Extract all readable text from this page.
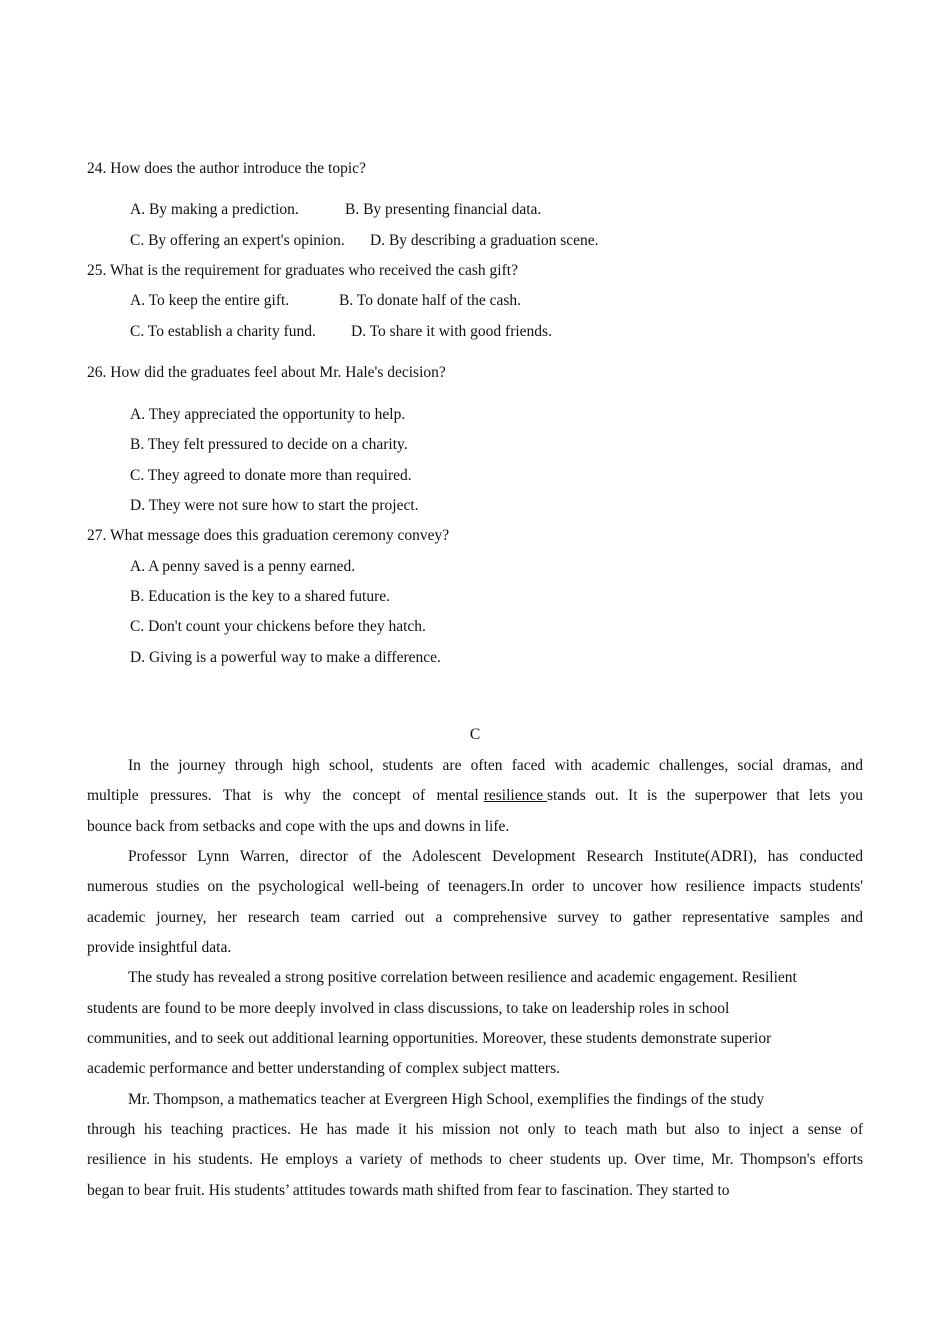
24. How does the author introduce the topic?
A. By making a prediction.	B. By presenting financial data.
C. By offering an expert's opinion. D. By describing a graduation scene.
25. What is the requirement for graduates who received the cash gift?
A. To keep the entire gift.	B. To donate half of the cash.
C. To establish a charity fund. D. To share it with good friends.
26. How did the graduates feel about Mr. Hale's decision?
A. They appreciated the opportunity to help.
B. They felt pressured to decide on a charity.
C. They agreed to donate more than required.
D. They were not sure how to start the project.
27. What message does this graduation ceremony convey?
A. A penny saved is a penny earned.
B. Education is the key to a shared future.
C. Don't count your chickens before they hatch.
D. Giving is a powerful way to make a difference.
C
In the journey through high school, students are often faced with academic challenges, social dramas, and
multiple pressures. That is why the concept of mental resilience stands out. It is the superpower that lets you
bounce back from setbacks and cope with the ups and downs in life.
Professor Lynn Warren, director of the Adolescent Development Research Institute(ADRI), has conducted
numerous studies on the psychological well-being of teenagers.In order to uncover how resilience impacts students'
academic journey, her research team carried out a comprehensive survey to gather representative samples and
provide insightful data.
The study has revealed a strong positive correlation between resilience and academic engagement. Resilient
students are found to be more deeply involved in class discussions, to take on leadership roles in school
communities, and to seek out additional learning opportunities. Moreover, these students demonstrate superior
academic performance and better understanding of complex subject matters.
Mr. Thompson, a mathematics teacher at Evergreen High School, exemplifies the findings of the study
through his teaching practices. He has made it his mission not only to teach math but also to inject a sense of
resilience in his students. He employs a variety of methods to cheer students up. Over time, Mr. Thompson's efforts
began to bear fruit. His students’ attitudes towards math shifted from fear to fascination. They started to
